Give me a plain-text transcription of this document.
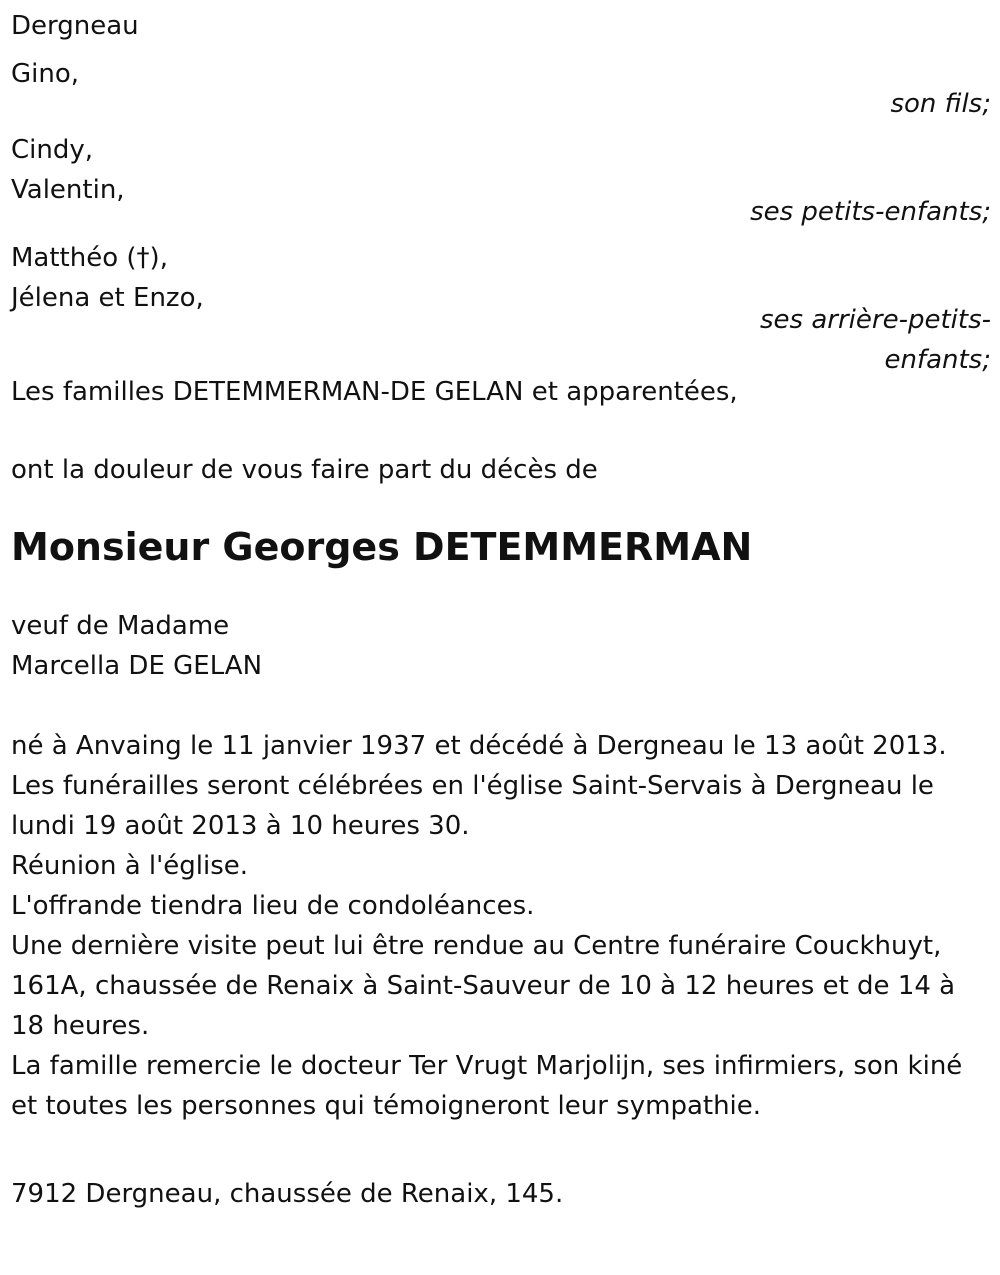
Dergneau

Gino,

son fils;

Cindy,

Valentin,

ses petits-enfants;

Matthéo (†),

Jélena et Enzo,

ses arrière-petits-

enfants;

Les familles DETEMMERMAN-DE GELAN et apparentées,

ont la douleur de vous faire part du décès de

Monsieur Georges DETEMMERMAN

veuf de Madame

Marcella DE GELAN

né à Anvaing le 11 janvier 1937 et décédé à Dergneau le 13 août 2013.

Les funérailles seront célébrées en l'église Saint-Servais à Dergneau le lundi 19 août 2013 à 10 heures 30.

Réunion à l'église.

L'offrande tiendra lieu de condoléances.

Une dernière visite peut lui être rendue au Centre funéraire Couckhuyt, 161A, chaussée de Renaix à Saint-Sauveur de 10 à 12 heures et de 14 à 18 heures.

La famille remercie le docteur Ter Vrugt Marjolijn, ses infirmiers, son kiné et toutes les personnes qui témoigneront leur sympathie.

7912 Dergneau, chaussée de Renaix, 145.
